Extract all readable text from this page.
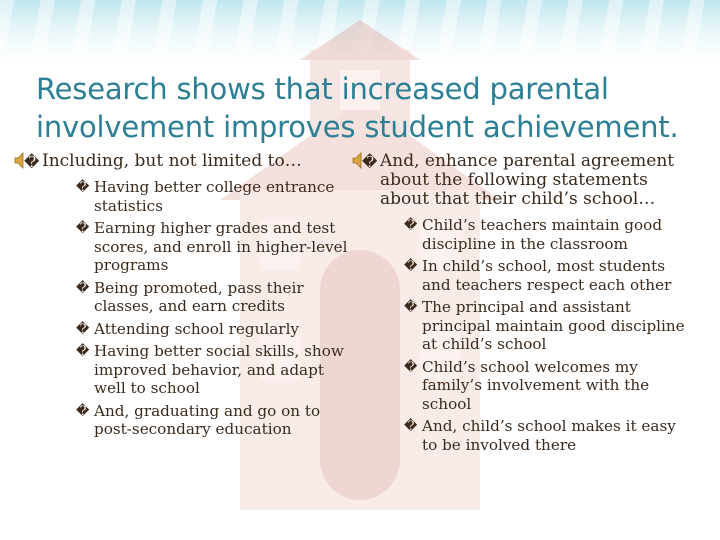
Research shows that increased parental involvement improves student achievement.
� Including, but not limited to…
� Having better college entrance statistics
� Earning higher grades and test scores, and enroll in higher-level programs
� Being promoted, pass their classes, and earn credits
� Attending school regularly
� Having better social skills, show improved behavior, and adapt well to school
� And, graduating and go on to post-secondary education
� And, enhance parental agreement about the following statements about that their child’s school…
� Child’s teachers maintain good discipline in the classroom
� In child’s school, most students and teachers respect each other
� The principal and assistant principal maintain good discipline at child’s school
� Child’s school welcomes my family’s involvement with the school
� And, child’s school makes it easy to be involved there
